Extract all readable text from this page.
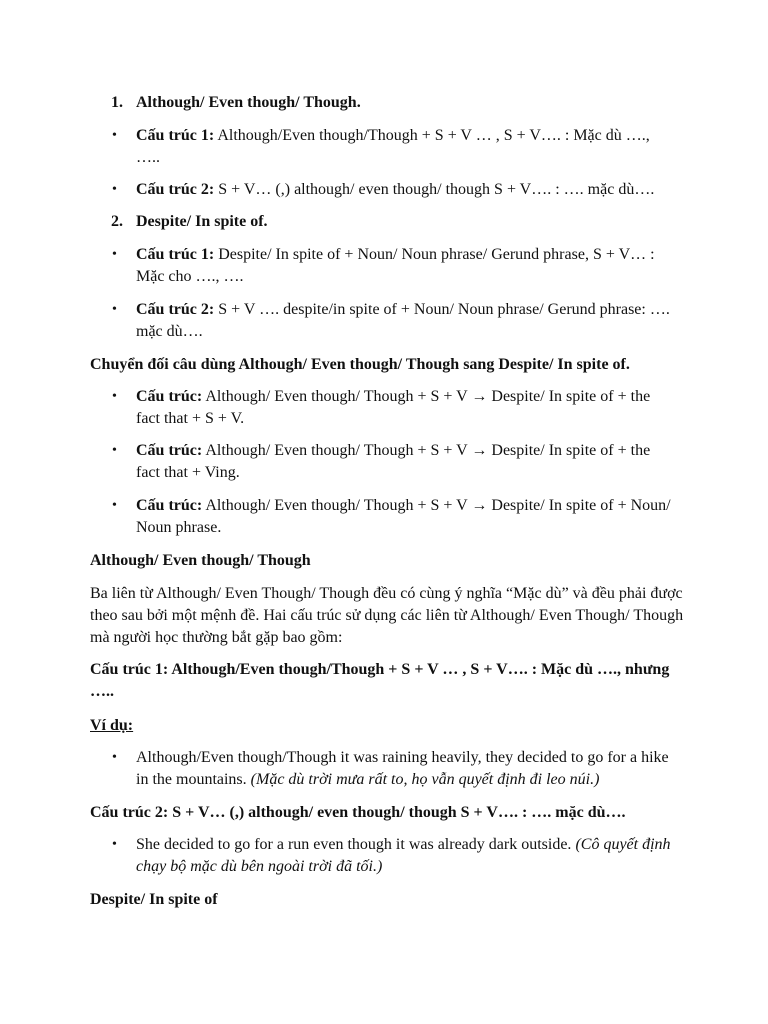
1. Although/ Even though/ Though.

• Cấu trúc 1: Although/Even though/Though + S + V … , S + V…. : Mặc dù …., …..

• Cấu trúc 2: S + V… (,) although/ even though/ though S + V…. : …. mặc dù….

2. Despite/ In spite of.

• Cấu trúc 1: Despite/ In spite of + Noun/ Noun phrase/ Gerund phrase, S + V… : Mặc cho …., ….

• Cấu trúc 2: S + V …. despite/in spite of + Noun/ Noun phrase/ Gerund phrase: …. mặc dù….

Chuyển đối câu dùng Although/ Even though/ Though sang Despite/ In spite of.

• Cấu trúc: Although/ Even though/ Though + S + V → Despite/ In spite of + the fact that + S + V.

• Cấu trúc: Although/ Even though/ Though + S + V → Despite/ In spite of + the fact that + Ving.

• Cấu trúc: Although/ Even though/ Though + S + V → Despite/ In spite of + Noun/ Noun phrase.

Although/ Even though/ Though

Ba liên từ Although/ Even Though/ Though đều có cùng ý nghĩa “Mặc dù” và đều phải được theo sau bởi một mệnh đề. Hai cấu trúc sử dụng các liên từ Although/ Even Though/ Though mà người học thường bắt gặp bao gồm:

Cấu trúc 1: Although/Even though/Though + S + V … , S + V…. : Mặc dù …., nhưng …..

Ví dụ:

• Although/Even though/Though it was raining heavily, they decided to go for a hike in the mountains. (Mặc dù trời mưa rất to, họ vẫn quyết định đi leo núi.)

Cấu trúc 2: S + V… (,) although/ even though/ though S + V…. : …. mặc dù….

• She decided to go for a run even though it was already dark outside. (Cô quyết định chạy bộ mặc dù bên ngoài trời đã tối.)

Despite/ In spite of
